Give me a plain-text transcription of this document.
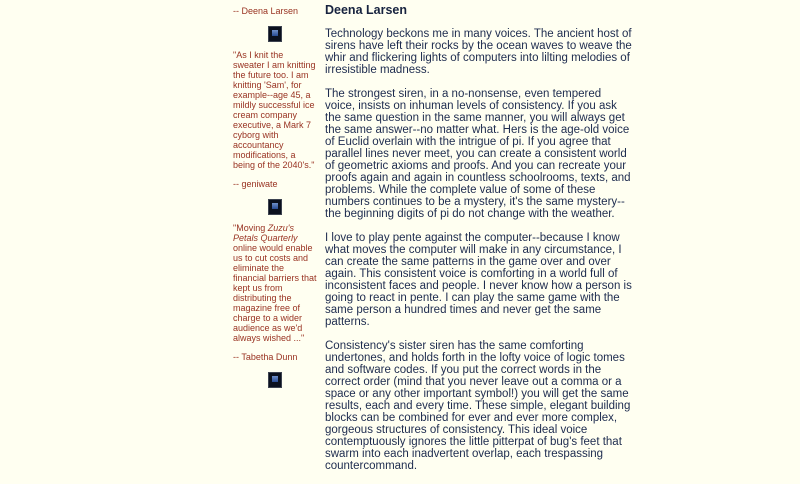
-- Deena Larsen
"As I knit the sweater I am knitting the future too. I am knitting 'Sam', for example--age 45, a mildly successful ice cream company executive, a Mark 7 cyborg with accountancy modifications, a being of the 2040's."
-- geniwate
"Moving Zuzu's Petals Quarterly online would enable us to cut costs and eliminate the financial barriers that kept us from distributing the magazine free of charge to a wider audience as we'd always wished ..."
-- Tabetha Dunn
Deena Larsen

Technology beckons me in many voices. The ancient host of sirens have left their rocks by the ocean waves to weave the whir and flickering lights of computers into lilting melodies of irresistible madness.

The strongest siren, in a no-nonsense, even tempered voice, insists on inhuman levels of consistency. If you ask the same question in the same manner, you will always get the same answer--no matter what. Hers is the age-old voice of Euclid overlain with the intrigue of pi. If you agree that parallel lines never meet, you can create a consistent world of geometric axioms and proofs. And you can recreate your proofs again and again in countless schoolrooms, texts, and problems. While the complete value of some of these numbers continues to be a mystery, it's the same mystery--the beginning digits of pi do not change with the weather.

I love to play pente against the computer--because I know what moves the computer will make in any circumstance, I can create the same patterns in the game over and over again. This consistent voice is comforting in a world full of inconsistent faces and people. I never know how a person is going to react in pente. I can play the same game with the same person a hundred times and never get the same patterns.

Consistency's sister siren has the same comforting undertones, and holds forth in the lofty voice of logic tomes and software codes. If you put the correct words in the correct order (mind that you never leave out a comma or a space or any other important symbol!) you will get the same results, each and every time. These simple, elegant building blocks can be combined for ever and ever more complex, gorgeous structures of consistency. This ideal voice contemptuously ignores the little pitterpat of bug's feet that swarm into each inadvertent overlap, each trespassing countercommand.
